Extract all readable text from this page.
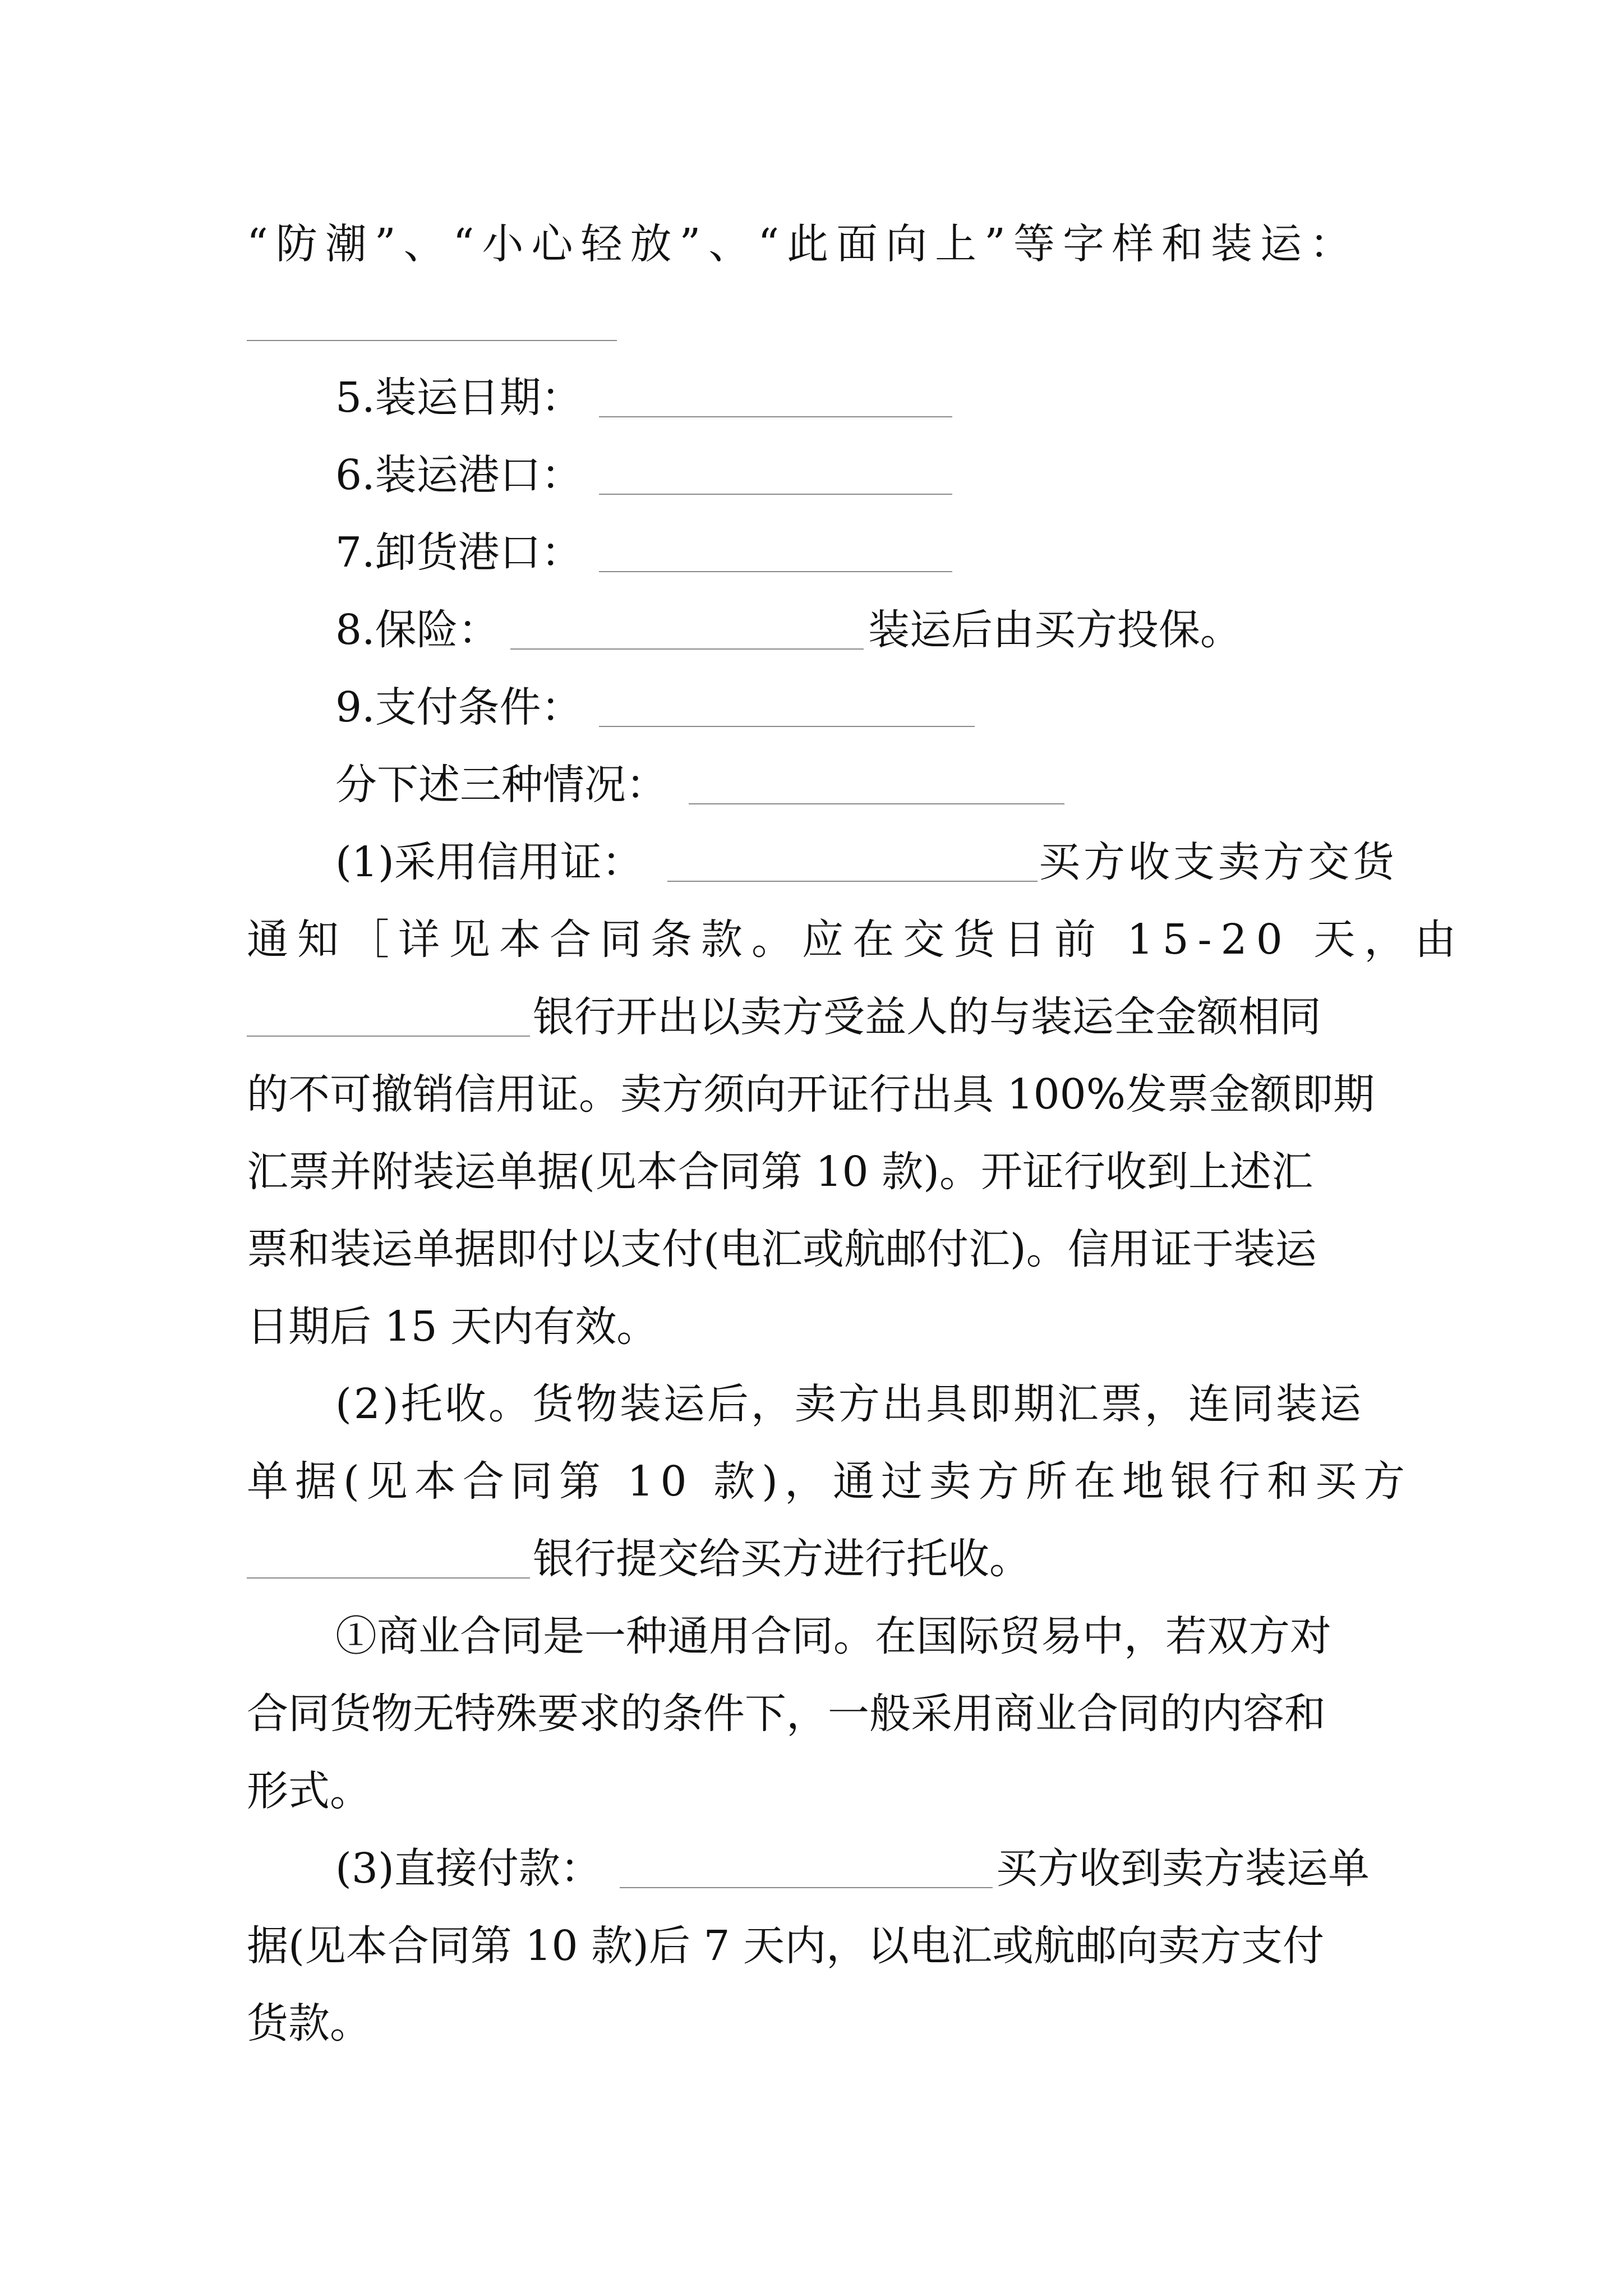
“防潮”、“小心轻放”、“此面向上”等字样和装运：
5.装运日期：
6.装运港口：
7.卸货港口：
8.保险：	装运后由买方投保。
9.支付条件：
分下述三种情况：
(1)采用信用证：	买方收支卖方交货
通知［详见本合同条款。应在交货日前 15-20 天，由
银行开出以卖方受益人的与装运全金额相同
的不可撤销信用证。卖方须向开证行出具 100%发票金额即期
汇票并附装运单据(见本合同第 10 款)。开证行收到上述汇
票和装运单据即付以支付(电汇或航邮付汇)。信用证于装运
日期后 15 天内有效。
(2)托收。货物装运后，卖方出具即期汇票，连同装运
单据(见本合同第 10 款)，通过卖方所在地银行和买方
银行提交给买方进行托收。
①商业合同是一种通用合同。在国际贸易中，若双方对
合同货物无特殊要求的条件下，一般采用商业合同的内容和
形式。
(3)直接付款：	买方收到卖方装运单
据(见本合同第 10 款)后 7 天内，以电汇或航邮向卖方支付
货款。
